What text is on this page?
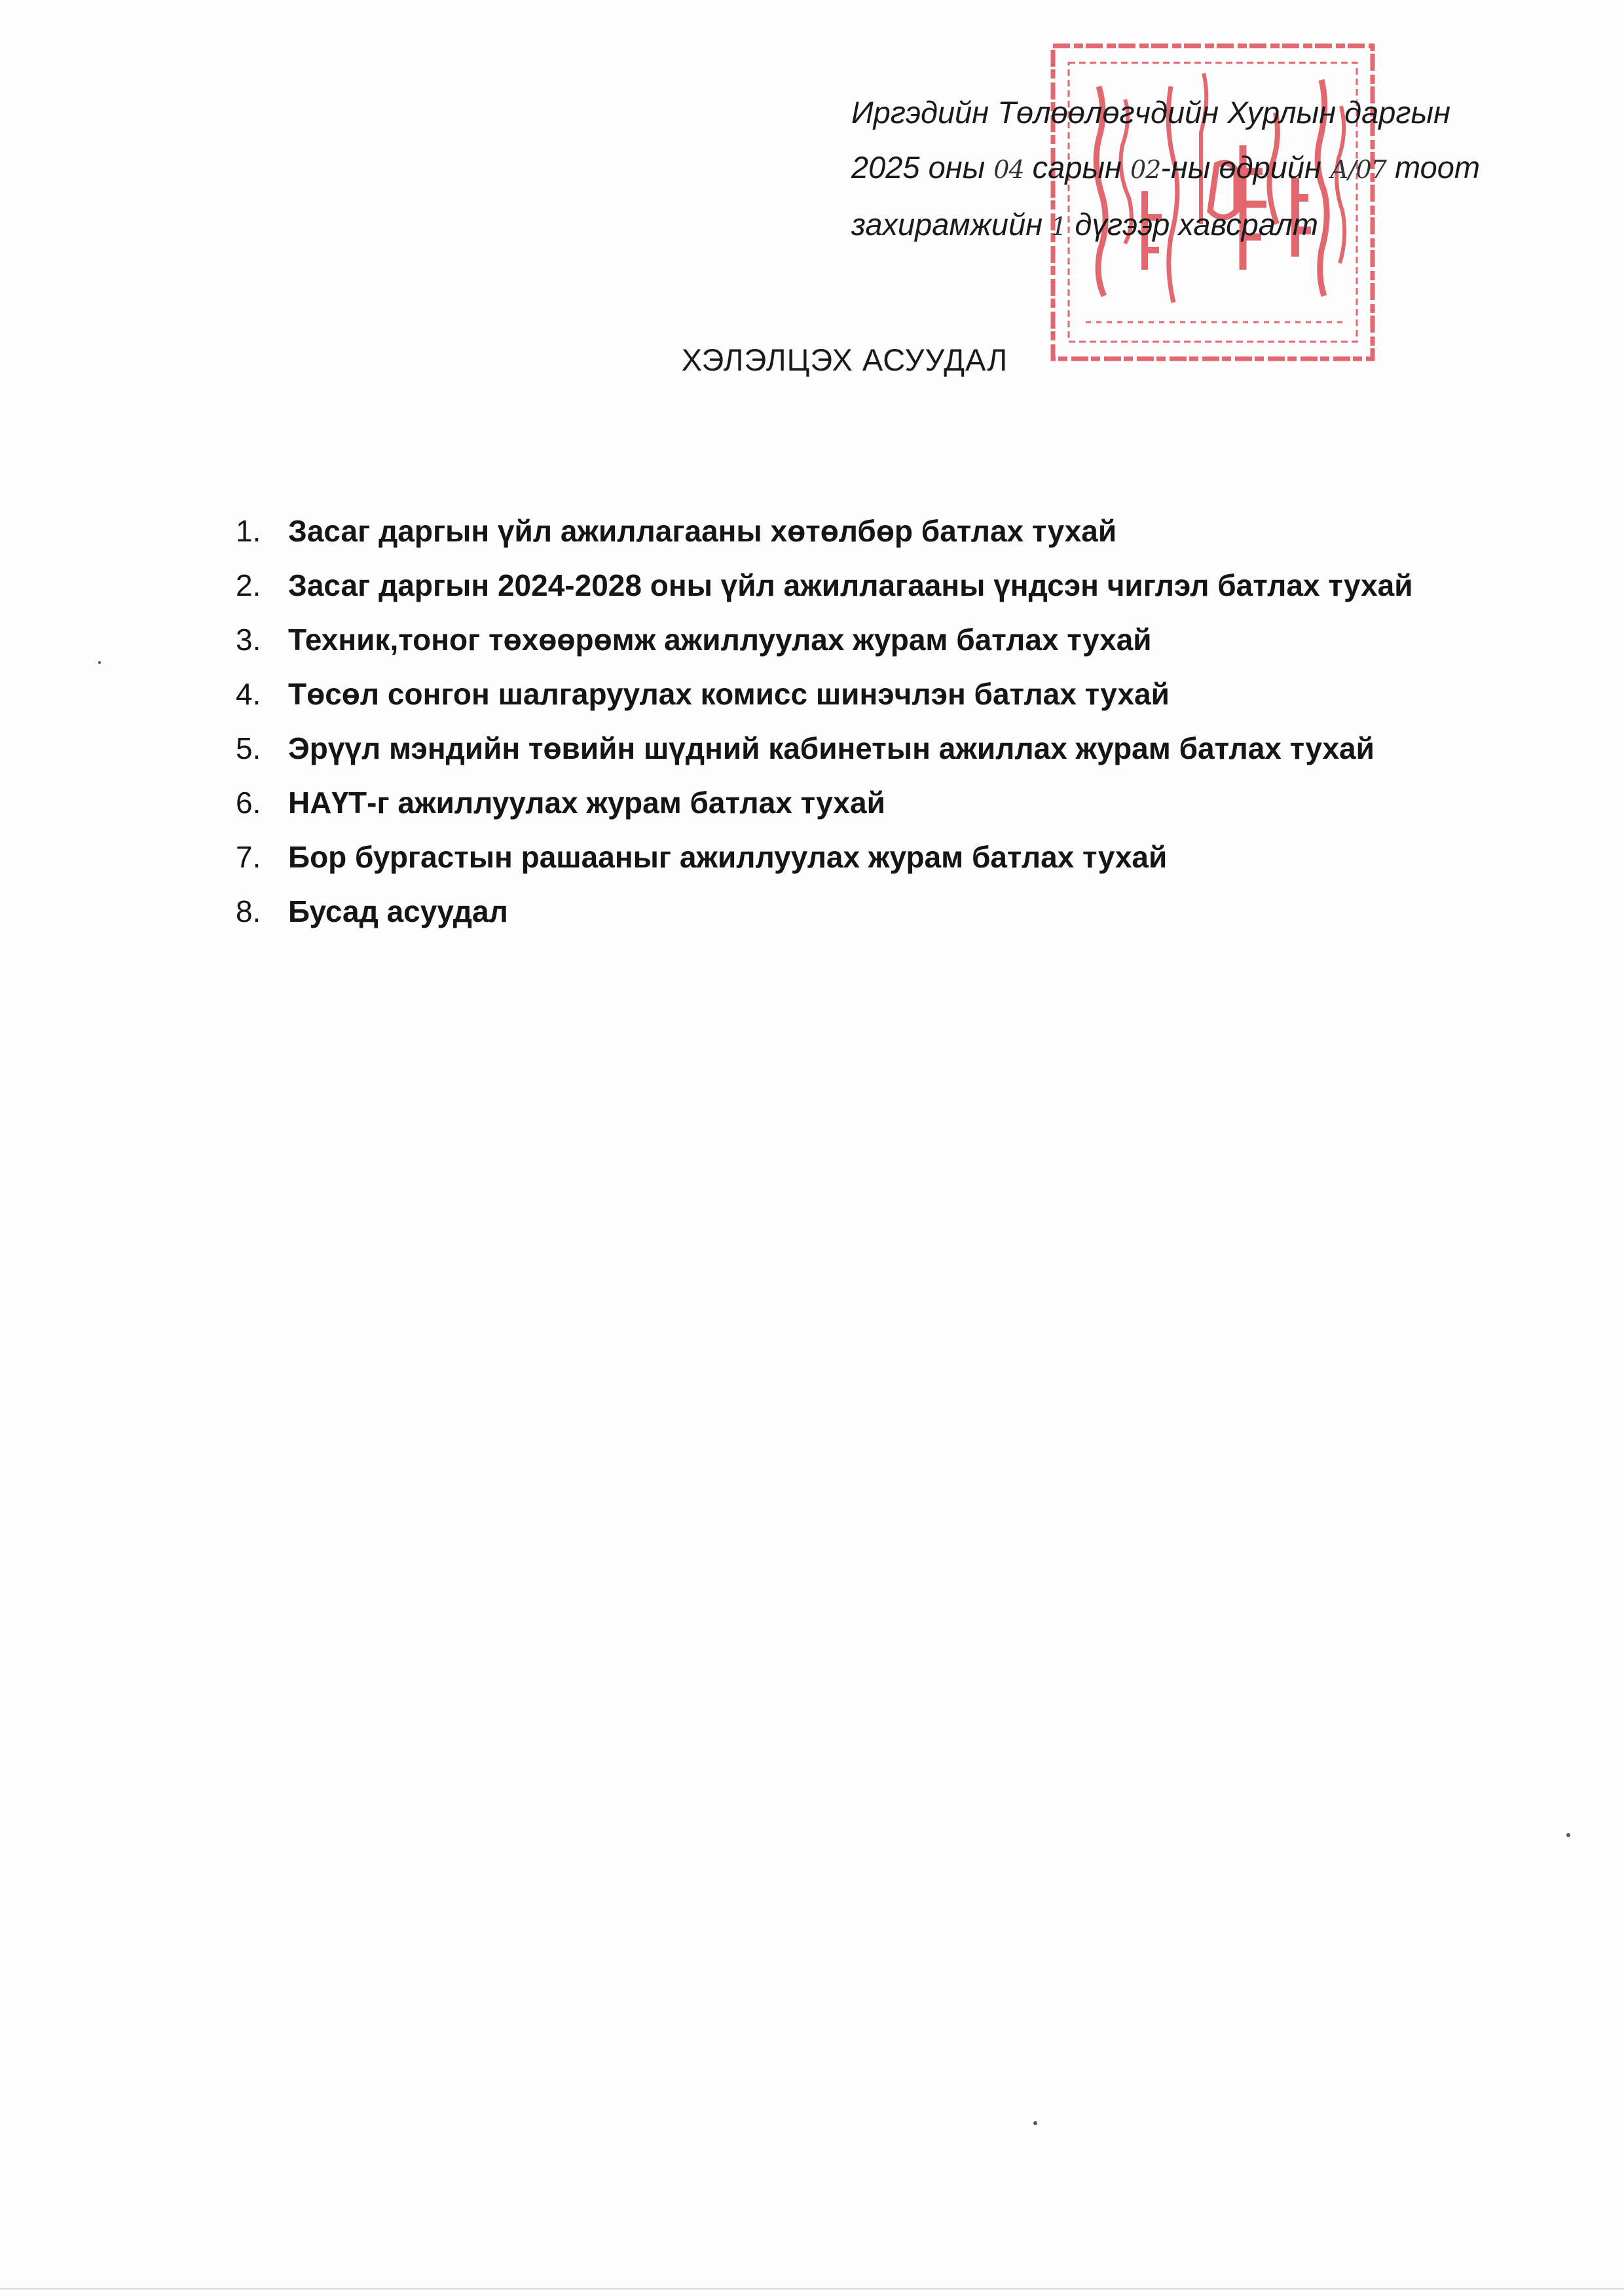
Иргэдийн Төлөөлөгчдийн Хурлын даргын
2025 оны 04 сарын 02-ны өдрийн А/07 тоот
захирамжийн 1 дүгээр хавсралт
ХЭЛЭЛЦЭХ АСУУДАЛ
1. Засаг даргын үйл ажиллагааны хөтөлбөр батлах тухай
2. Засаг даргын 2024-2028 оны үйл ажиллагааны үндсэн чиглэл батлах тухай
3. Техник,тоног төхөөрөмж ажиллуулах журам батлах тухай
4. Төсөл сонгон шалгаруулах комисс шинэчлэн батлах тухай
5. Эрүүл мэндийн төвийн шүдний кабинетын ажиллах журам батлах тухай
6. НАҮТ-г ажиллуулах журам батлах тухай
7. Бор бургастын рашааныг ажиллуулах журам батлах тухай
8. Бусад асуудал
